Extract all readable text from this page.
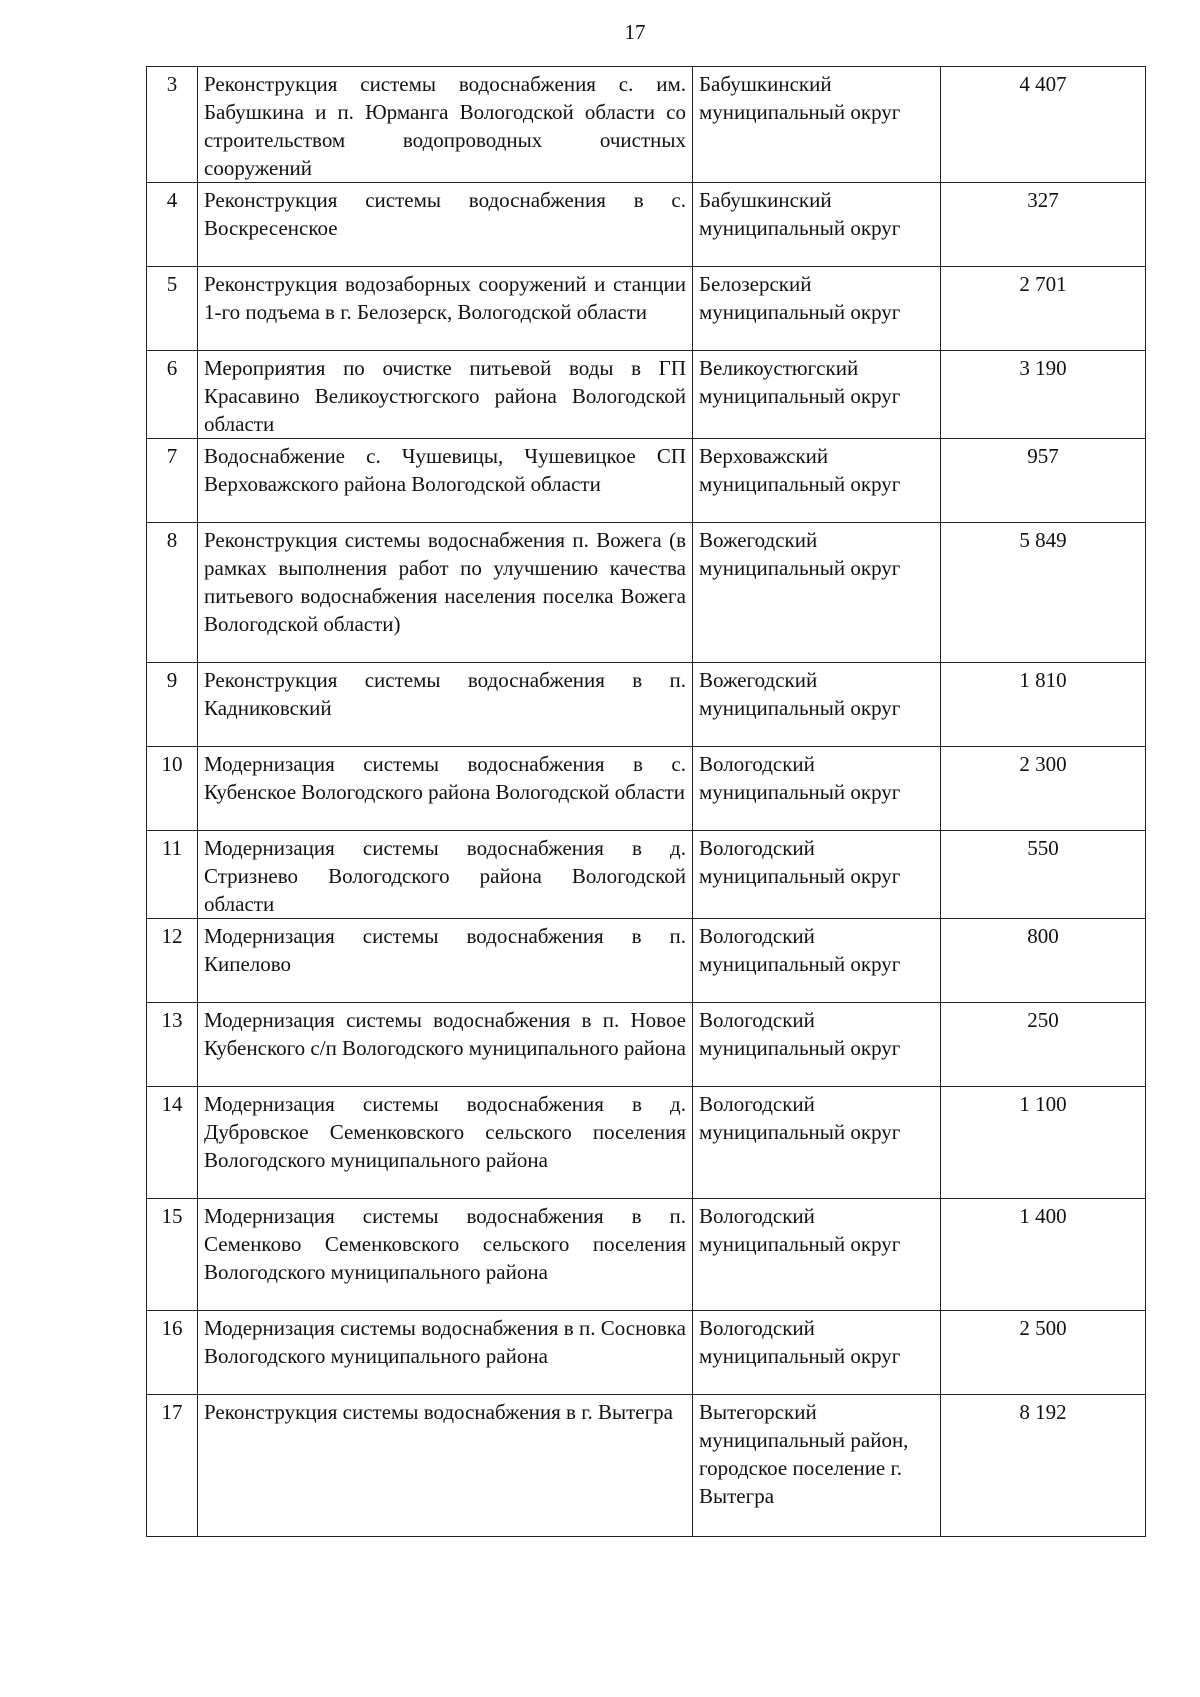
17
3	Реконструкция системы водоснабжения с. им. Бабушкина и п. Юрманга Вологодской области со строительством водопроводных очистных сооружений	Бабушкинский муниципальный округ	4 407
4	Реконструкция системы водоснабжения в с. Воскресенское	Бабушкинский муниципальный округ	327
5	Реконструкция водозаборных сооружений и станции 1-го подъема в г. Белозерск, Вологодской области	Белозерский муниципальный округ	2 701
6	Мероприятия по очистке питьевой воды в ГП Красавино Великоустюгского района Вологодской области	Великоустюгский муниципальный округ	3 190
7	Водоснабжение с. Чушевицы, Чушевицкое СП Верховажского района Вологодской области	Верховажский муниципальный округ	957
8	Реконструкция системы водоснабжения п. Вожега (в рамках выполнения работ по улучшению качества питьевого водоснабжения населения поселка Вожега Вологодской области)	Вожегодский муниципальный округ	5 849
9	Реконструкция системы водоснабжения в п. Кадниковский	Вожегодский муниципальный округ	1 810
10	Модернизация системы водоснабжения в с. Кубенское Вологодского района Вологодской области	Вологодский муниципальный округ	2 300
11	Модернизация системы водоснабжения в д. Стризнево Вологодского района Вологодской области	Вологодский муниципальный округ	550
12	Модернизация системы водоснабжения в п. Кипелово	Вологодский муниципальный округ	800
13	Модернизация системы водоснабжения в п. Новое Кубенского с/п Вологодского муниципального района	Вологодский муниципальный округ	250
14	Модернизация системы водоснабжения в д. Дубровское Семенковского сельского поселения Вологодского муниципального района	Вологодский муниципальный округ	1 100
15	Модернизация системы водоснабжения в п. Семенково Семенковского сельского поселения Вологодского муниципального района	Вологодский муниципальный округ	1 400
16	Модернизация системы водоснабжения в п. Сосновка Вологодского муниципального района	Вологодский муниципальный округ	2 500
17	Реконструкция системы водоснабжения в г. Вытегра	Вытегорский муниципальный район, городское поселение г. Вытегра	8 192
